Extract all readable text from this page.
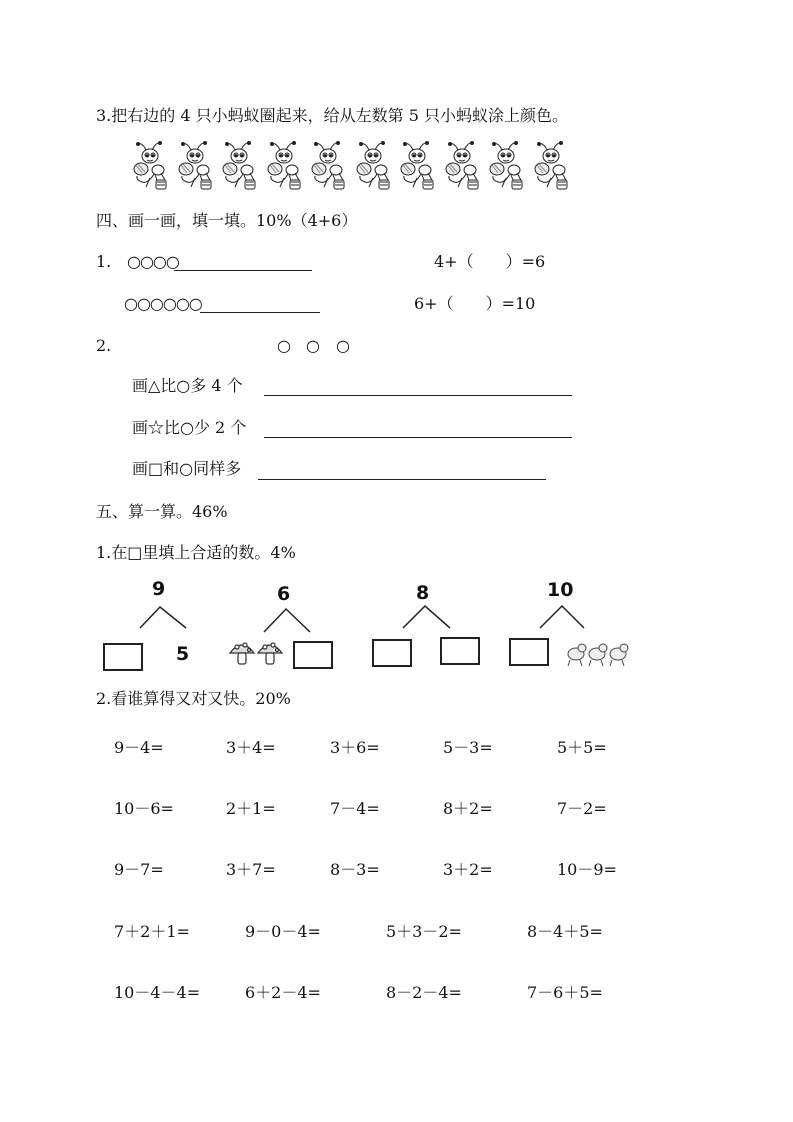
3.把右边的 4 只小蚂蚁圈起来，给从左数第 5 只小蚂蚁涂上颜色。
四、画一画，填一填。10%（4+6）
1. ○○○○	4+（　　）=6
○○○○○○	6+（　　）=10
2.	○ ○ ○
画△比○多 4 个
画☆比○少 2 个
画□和○同样多
五、算一算。46%
1.在□里填上合适的数。4%
9
5
6	8	10
2.看谁算得又对又快。20%
9－4=	3＋4=	3＋6=	5－3=	5＋5=
10－6=	2＋1=	7－4=	8＋2=	7－2=
9－7=	3＋7=	8－3=	3＋2=	10－9=
7＋2＋1=	9－0－4=	5＋3－2=	8－4＋5=
10－4－4=	6＋2－4=	8－2－4=	7－6＋5=
